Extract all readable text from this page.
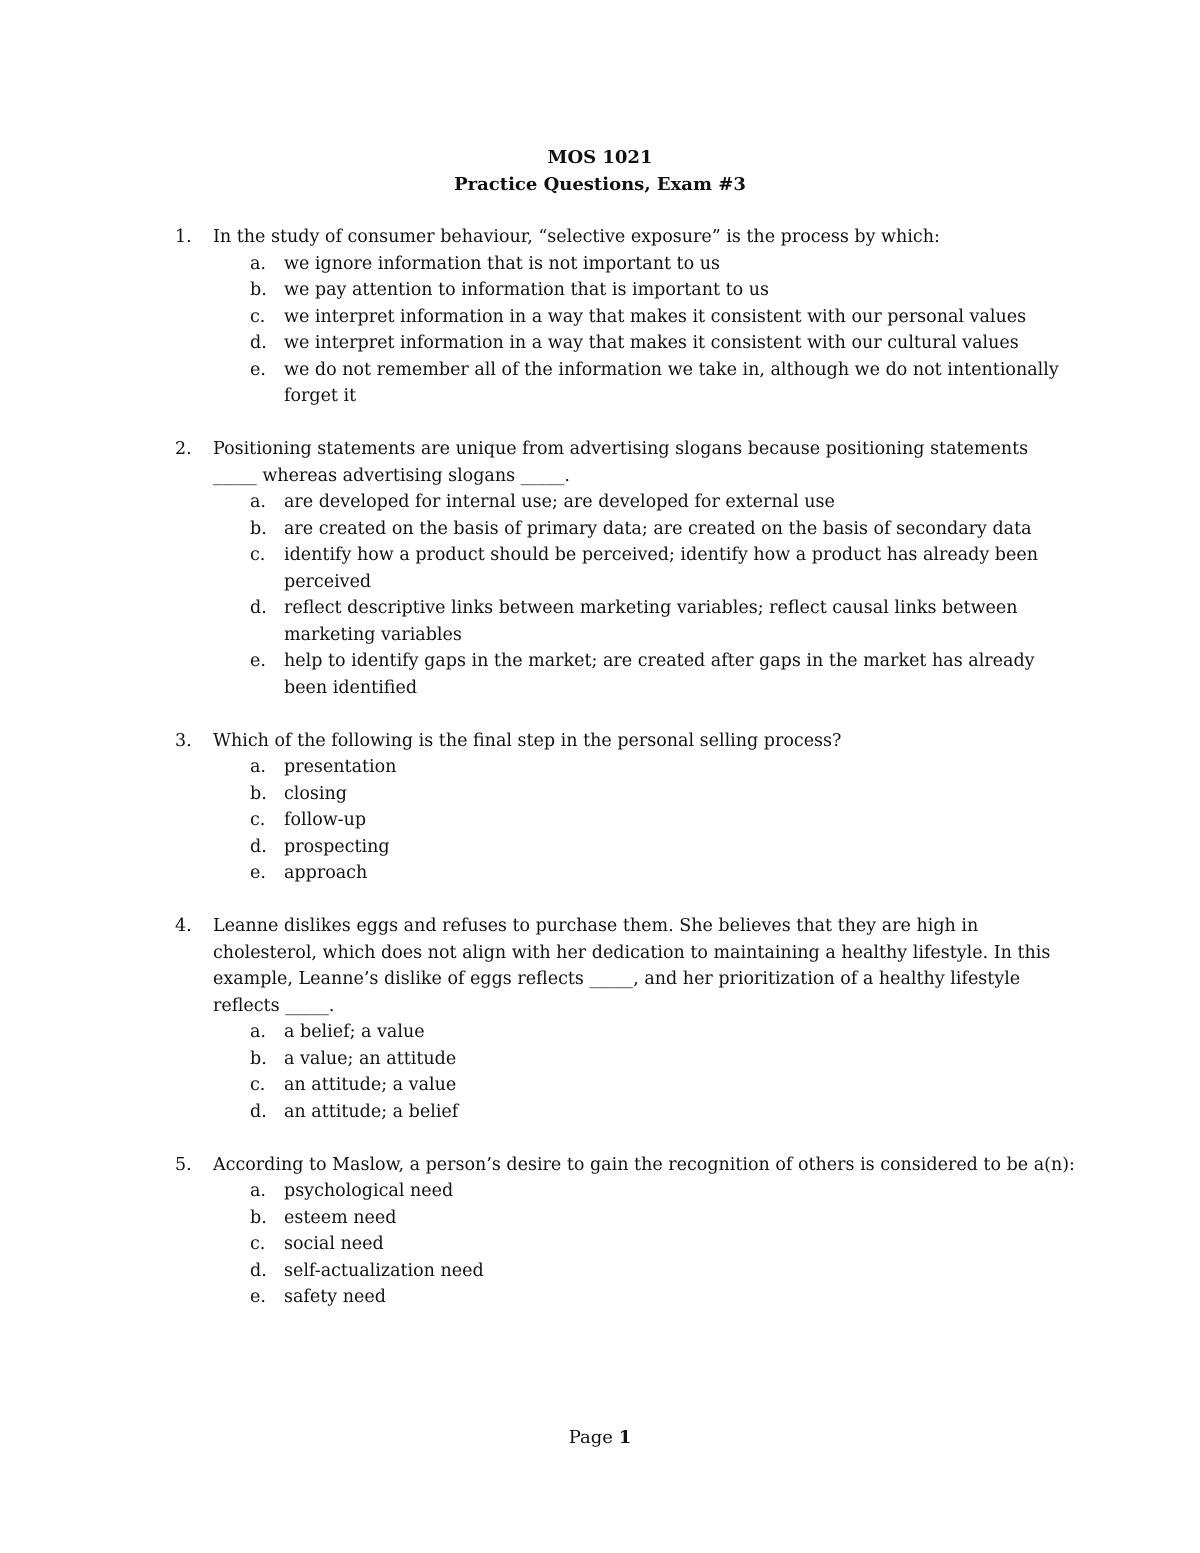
MOS 1021
Practice Questions, Exam #3
1.	In the study of consumer behaviour, “selective exposure” is the process by which:
a.	we ignore information that is not important to us
b. we pay attention to information that is important to us
c.	we interpret information in a way that makes it consistent with our personal values
d. we interpret information in a way that makes it consistent with our cultural values
e.	we do not remember all of the information we take in, although we do not intentionally forget it
2.	Positioning statements are unique from advertising slogans because positioning statements _____ whereas advertising slogans _____.
a.	are developed for internal use; are developed for external use
b. are created on the basis of primary data; are created on the basis of secondary data
c.	identify how a product should be perceived; identify how a product has already been perceived
d. reflect descriptive links between marketing variables; reflect causal links between marketing variables
e.	help to identify gaps in the market; are created after gaps in the market has already been identified
3.	Which of the following is the final step in the personal selling process?
a.	presentation
b. closing
c.	follow-up
d. prospecting
e.	approach
4.	Leanne dislikes eggs and refuses to purchase them. She believes that they are high in cholesterol, which does not align with her dedication to maintaining a healthy lifestyle. In this example, Leanne’s dislike of eggs reflects _____, and her prioritization of a healthy lifestyle reflects _____.
a.	a belief; a value
b. a value; an attitude
c.	an attitude; a value
d. an attitude; a belief
5.	According to Maslow, a person’s desire to gain the recognition of others is considered to be a(n):
a.	psychological need
b. esteem need
c.	social need
d. self-actualization need
e.	safety need
Page 1
